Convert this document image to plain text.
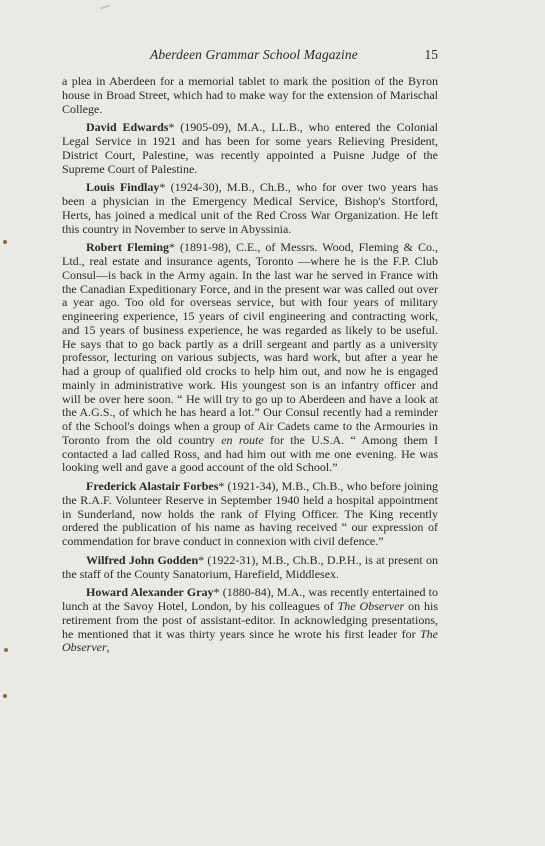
Aberdeen Grammar School Magazine	15

a plea in Aberdeen for a memorial tablet to mark the position of the Byron house in Broad Street, which had to make way for the extension of Marischal College.

David Edwards* (1905-09), M.A., LL.B., who entered the Colonial Legal Service in 1921 and has been for some years Relieving President, District Court, Palestine, was recently appointed a Puisne Judge of the Supreme Court of Palestine.

Louis Findlay* (1924-30), M.B., Ch.B., who for over two years has been a physician in the Emergency Medical Service, Bishop's Stortford, Herts, has joined a medical unit of the Red Cross War Organization. He left this country in November to serve in Abyssinia.

Robert Fleming* (1891-98), C.E., of Messrs. Wood, Fleming & Co., Ltd., real estate and insurance agents, Toronto —where he is the F.P. Club Consul—is back in the Army again. In the last war he served in France with the Canadian Expeditionary Force, and in the present war was called out over a year ago. Too old for overseas service, but with four years of military engineering experience, 15 years of civil engineering and contracting work, and 15 years of business experience, he was regarded as likely to be useful. He says that to go back partly as a drill sergeant and partly as a university professor, lecturing on various subjects, was hard work, but after a year he had a group of qualified old crocks to help him out, and now he is engaged mainly in administrative work. His youngest son is an infantry officer and will be over here soon. “ He will try to go up to Aberdeen and have a look at the A.G.S., of which he has heard a lot.” Our Consul recently had a reminder of the School's doings when a group of Air Cadets came to the Armouries in Toronto from the old country en route for the U.S.A. “ Among them I contacted a lad called Ross, and had him out with me one evening. He was looking well and gave a good account of the old School.”

Frederick Alastair Forbes* (1921-34), M.B., Ch.B., who before joining the R.A.F. Volunteer Reserve in September 1940 held a hospital appointment in Sunderland, now holds the rank of Flying Officer. The King recently ordered the publication of his name as having received “ our expression of commendation for brave conduct in connexion with civil defence.”

Wilfred John Godden* (1922-31), M.B., Ch.B., D.P.H., is at present on the staff of the County Sanatorium, Harefield, Middlesex.

Howard Alexander Gray* (1880-84), M.A., was recently entertained to lunch at the Savoy Hotel, London, by his colleagues of The Observer on his retirement from the post of assistant-editor. In acknowledging presentations, he mentioned that it was thirty years since he wrote his first leader for The Observer,
